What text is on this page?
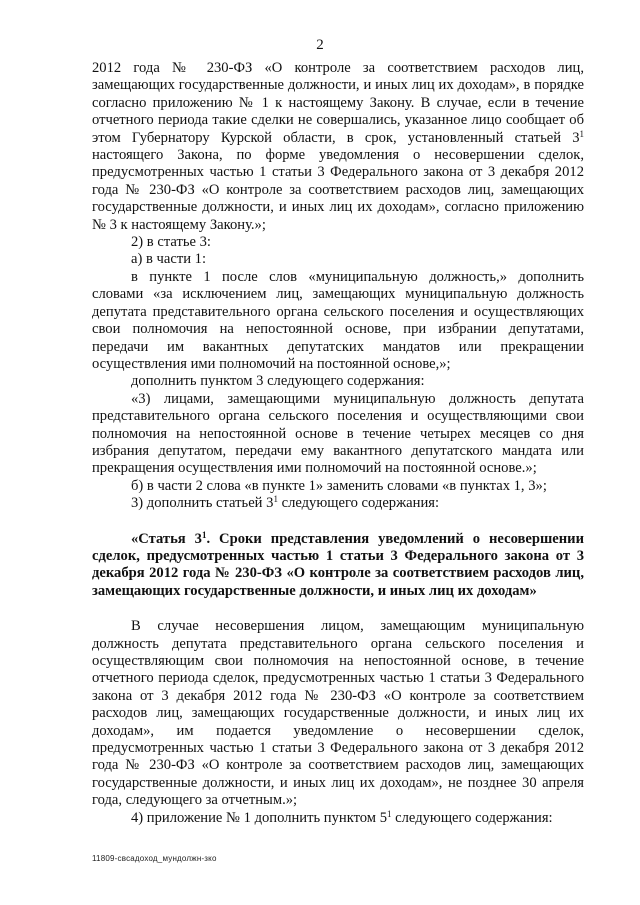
2

2012 года № 230-ФЗ «О контроле за соответствием расходов лиц, замещающих государственные должности, и иных лиц их доходам», в порядке согласно приложению № 1 к настоящему Закону. В случае, если в течение отчетного периода такие сделки не совершались, указанное лицо сообщает об этом Губернатору Курской области, в срок, установленный статьей $3^1$ настоящего Закона, по форме уведомления о несовершении сделок, предусмотренных частью 1 статьи 3 Федерального закона от 3 декабря 2012 года № 230-ФЗ «О контроле за соответствием расходов лиц, замещающих государственные должности, и иных лиц их доходам», согласно приложению № 3 к настоящему Закону.»;

2) в статье 3:

а) в части 1:

в пункте 1 после слов «муниципальную должность,» дополнить словами «за исключением лиц, замещающих муниципальную должность депутата представительного органа сельского поселения и осуществляющих свои полномочия на непостоянной основе, при избрании депутатами, передачи им вакантных депутатских мандатов или прекращении осуществления ими полномочий на постоянной основе,»;

дополнить пунктом 3 следующего содержания:

«3) лицами, замещающими муниципальную должность депутата представительного органа сельского поселения и осуществляющими свои полномочия на непостоянной основе в течение четырех месяцев со дня избрания депутатом, передачи ему вакантного депутатского мандата или прекращения осуществления ими полномочий на постоянной основе.»;

б) в части 2 слова «в пункте 1» заменить словами «в пунктах 1, 3»;

3) дополнить статьей $3^1$ следующего содержания:

«Статья $3^1$. Сроки представления уведомлений о несовершении сделок, предусмотренных частью 1 статьи 3 Федерального закона от 3 декабря 2012 года № 230-ФЗ «О контроле за соответствием расходов лиц, замещающих государственные должности, и иных лиц их доходам»

В случае несовершения лицом, замещающим муниципальную должность депутата представительного органа сельского поселения и осуществляющим свои полномочия на непостоянной основе, в течение отчетного периода сделок, предусмотренных частью 1 статьи 3 Федерального закона от 3 декабря 2012 года № 230-ФЗ «О контроле за соответствием расходов лиц, замещающих государственные должности, и иных лиц их доходам», им подается уведомление о несовершении сделок, предусмотренных частью 1 статьи 3 Федерального закона от 3 декабря 2012 года № 230-ФЗ «О контроле за соответствием расходов лиц, замещающих государственные должности, и иных лиц их доходам», не позднее 30 апреля года, следующего за отчетным.»;

4) приложение № 1 дополнить пунктом $5^1$ следующего содержания:

11809-свсадоход_мундолжн-зко
